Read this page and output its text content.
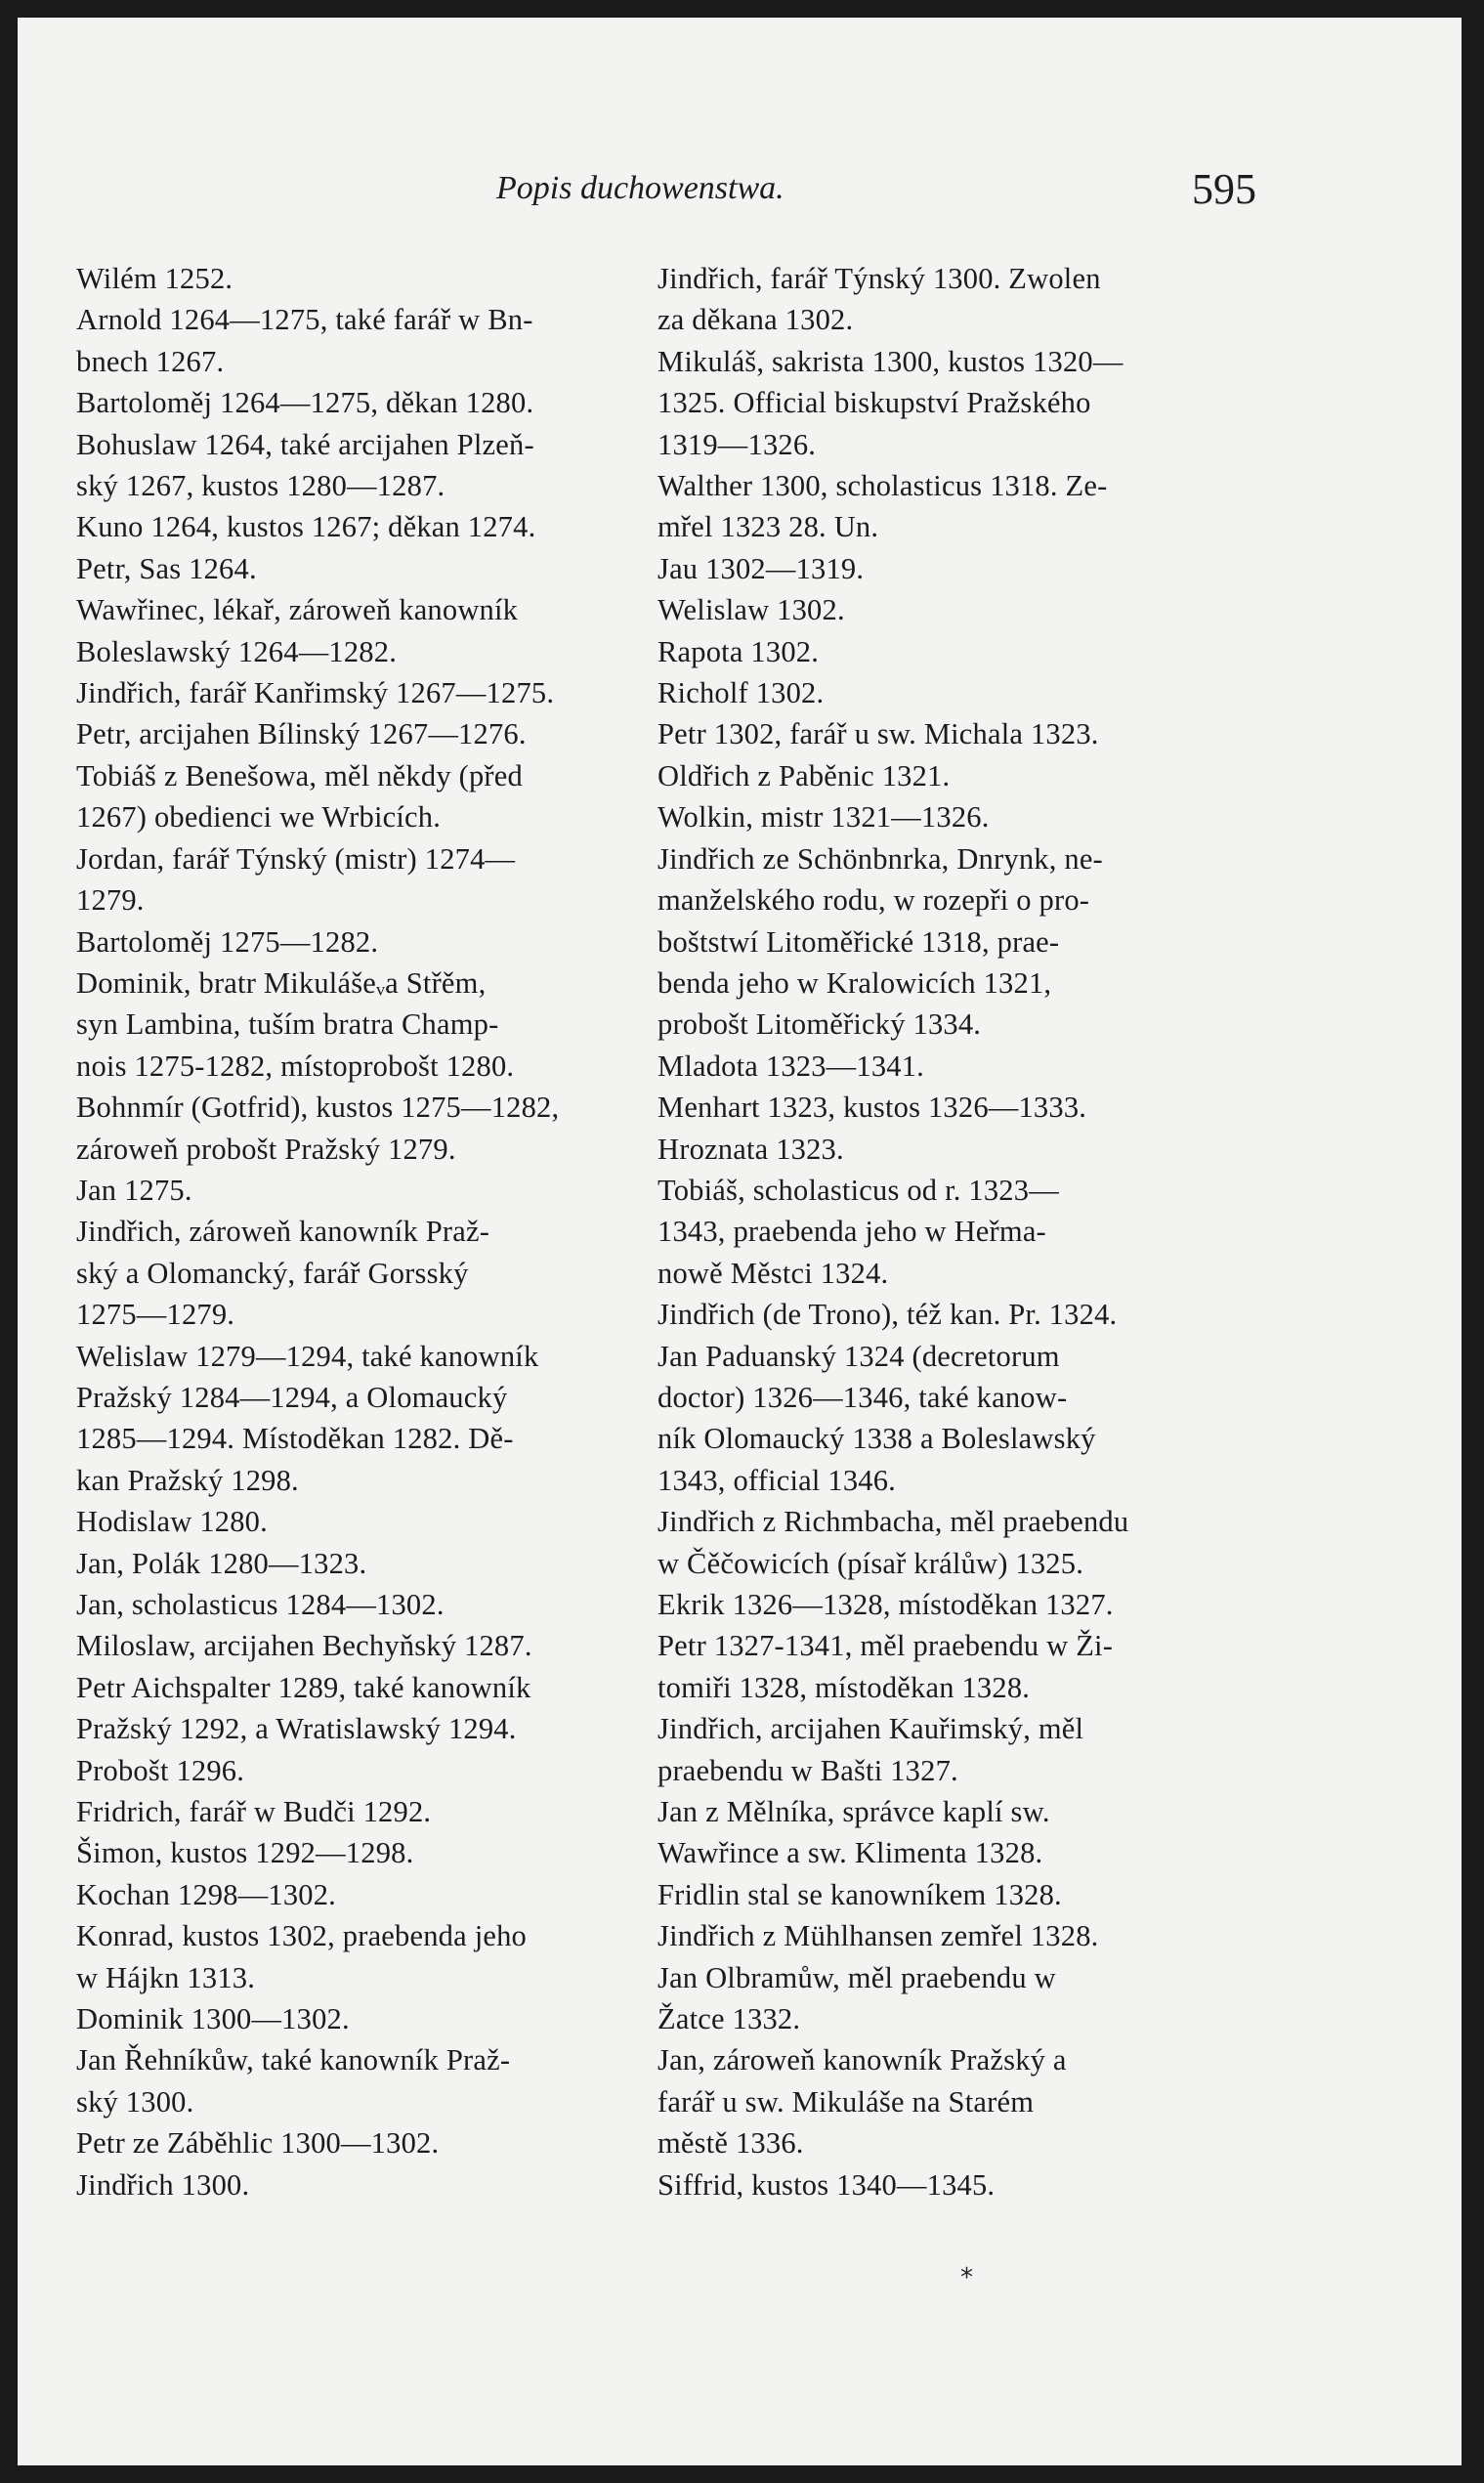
Popis duchowenstwa.	595

Wilém 1252.

Arnold 1264—1275, také farář w Bn-
bnech 1267.

Bartoloměj 1264—1275, děkan 1280.

Bohuslaw 1264, také arcijahen Plzeň-
ský 1267, kustos 1280—1287.

Kuno 1264, kustos 1267; děkan 1274.

Petr, Sas 1264.

Wawřinec, lékař, zároweň kanowník
Boleslawský 1264—1282.

Jindřich, farář Kanřimský 1267—1275.

Petr, arcijahen Bílinský 1267—1276.

Tobiáš z Benešowa, měl někdy (před
1267) obedienci we Wrbicích.

Jordan, farář Týnský (mistr) 1274—
1279.

Bartoloměj 1275—1282.

Dominik, bratr Mikulášeᵥa Střěm,
syn Lambina, tuším bratra Champ-
nois 1275-1282, místoprobošt 1280.

Bohnmír (Gotfrid), kustos 1275—1282,
zároweň probošt Pražský 1279.

Jan 1275.

Jindřich, zároweň kanowník Praž-
ský a Olomancký, farář Gorsský
1275—1279.

Welislaw 1279—1294, také kanowník
Pražský 1284—1294, a Olomaucký
1285—1294. Místoděkan 1282. Dě-
kan Pražský 1298.

Hodislaw 1280.

Jan, Polák 1280—1323.

Jan, scholasticus 1284—1302.

Miloslaw, arcijahen Bechyňský 1287.

Petr Aichspalter 1289, také kanowník
Pražský 1292, a Wratislawský 1294.
Probošt 1296.

Fridrich, farář w Budči 1292.

Šimon, kustos 1292—1298.

Kochan 1298—1302.

Konrad, kustos 1302, praebenda jeho
w Hájkn 1313.

Dominik 1300—1302.

Jan Řehníkůw, také kanowník Praž-
ský 1300.

Petr ze Záběhlic 1300—1302.

Jindřich 1300.

Jindřich, farář Týnský 1300. Zwolen
za děkana 1302.

Mikuláš, sakrista 1300, kustos 1320—
1325. Official biskupství Pražského
1319—1326.

Walther 1300, scholasticus 1318. Ze-
mřel 1323 28. Un.

Jau 1302—1319.

Welislaw 1302.

Rapota 1302.

Richolf 1302.

Petr 1302, farář u sw. Michala 1323.

Oldřich z Paběnic 1321.

Wolkin, mistr 1321—1326.

Jindřich ze Schönbnrka, Dnrynk, ne-
manželského rodu, w rozepři o pro-
boštstwí Litoměřické 1318, prae-
benda jeho w Kralowicích 1321,
probošt Litoměřický 1334.

Mladota 1323—1341.

Menhart 1323, kustos 1326—1333.

Hroznata 1323.

Tobiáš, scholasticus od r. 1323—
1343, praebenda jeho w Heřma-
nowě Městci 1324.

Jindřich (de Trono), též kan. Pr. 1324.

Jan Paduanský 1324 (decretorum
doctor) 1326—1346, také kanow-
ník Olomaucký 1338 a Boleslawský
1343, official 1346.

Jindřich z Richmbacha, měl praebendu
w Čěčowicích (písař králůw) 1325.

Ekrik 1326—1328, místoděkan 1327.

Petr 1327-1341, měl praebendu w Ži-
tomiři 1328, místoděkan 1328.

Jindřich, arcijahen Kauřimský, měl
praebendu w Bašti 1327.

Jan z Mělníka, správce kaplí sw.
Wawřince a sw. Klimenta 1328.

Fridlin stal se kanowníkem 1328.

Jindřich z Mühlhansen zemřel 1328.

Jan Olbramůw, měl praebendu w
Žatce 1332.

Jan, zároweň kanowník Pražský a
farář u sw. Mikuláše na Starém
městě 1336.

Siffrid, kustos 1340—1345.

*
